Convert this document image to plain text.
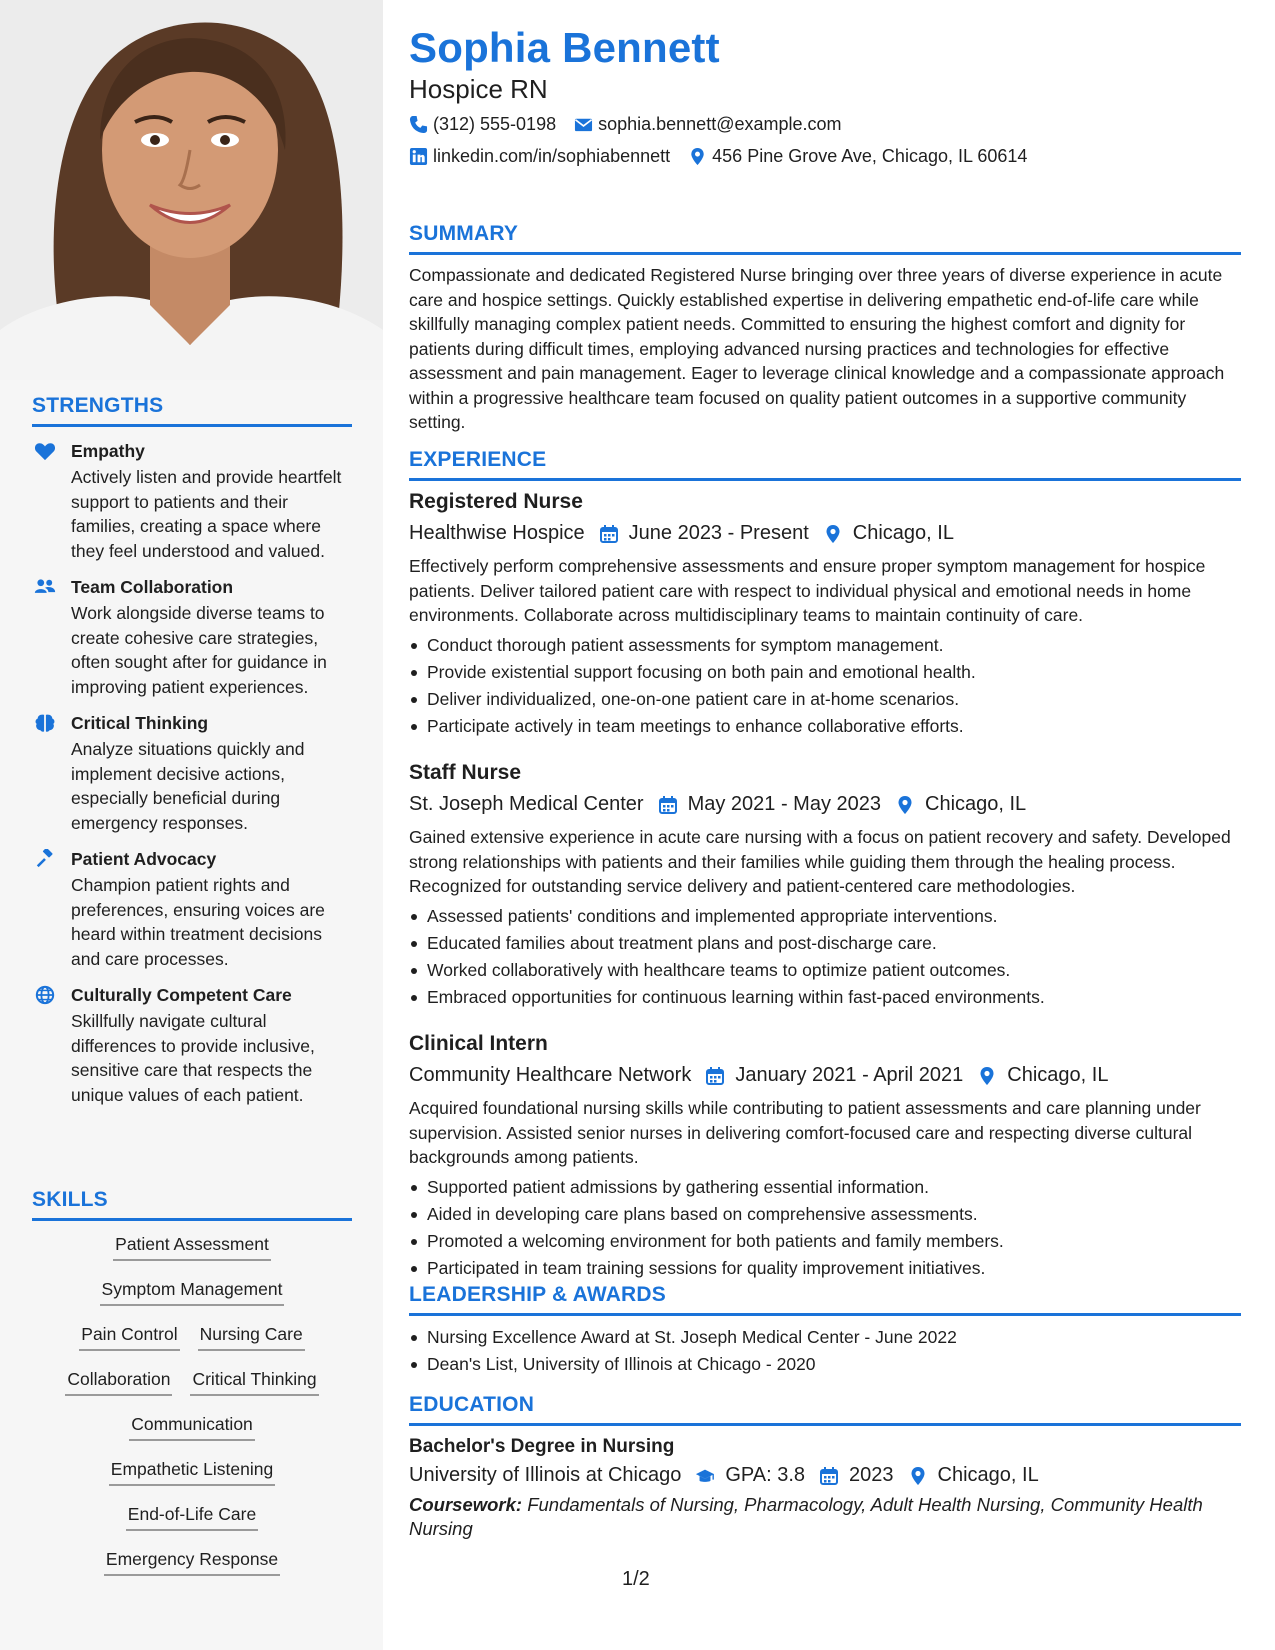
STRENGTHS
Empathy
Actively listen and provide heartfelt support to patients and their families, creating a space where they feel understood and valued.
Team Collaboration
Work alongside diverse teams to create cohesive care strategies, often sought after for guidance in improving patient experiences.
Critical Thinking
Analyze situations quickly and implement decisive actions, especially beneficial during emergency responses.
Patient Advocacy
Champion patient rights and preferences, ensuring voices are heard within treatment decisions and care processes.
Culturally Competent Care
Skillfully navigate cultural differences to provide inclusive, sensitive care that respects the unique values of each patient.
SKILLS
Patient Assessment
Symptom Management
Pain Control Nursing Care
Collaboration Critical Thinking
Communication
Empathetic Listening
End-of-Life Care
Emergency Response
Sophia Bennett
Hospice RN
(312) 555-0198 sophia.bennett@example.com
linkedin.com/in/sophiabennett 456 Pine Grove Ave, Chicago, IL 60614
SUMMARY
Compassionate and dedicated Registered Nurse bringing over three years of diverse experience in acute care and hospice settings. Quickly established expertise in delivering empathetic end-of-life care while skillfully managing complex patient needs. Committed to ensuring the highest comfort and dignity for patients during difficult times, employing advanced nursing practices and technologies for effective assessment and pain management. Eager to leverage clinical knowledge and a compassionate approach within a progressive healthcare team focused on quality patient outcomes in a supportive community setting.
EXPERIENCE
Registered Nurse
Healthwise Hospice June 2023 - Present Chicago, IL
Effectively perform comprehensive assessments and ensure proper symptom management for hospice patients. Deliver tailored patient care with respect to individual physical and emotional needs in home environments. Collaborate across multidisciplinary teams to maintain continuity of care.
Conduct thorough patient assessments for symptom management.
Provide existential support focusing on both pain and emotional health.
Deliver individualized, one-on-one patient care in at-home scenarios.
Participate actively in team meetings to enhance collaborative efforts.
Staff Nurse
St. Joseph Medical Center May 2021 - May 2023 Chicago, IL
Gained extensive experience in acute care nursing with a focus on patient recovery and safety. Developed strong relationships with patients and their families while guiding them through the healing process. Recognized for outstanding service delivery and patient-centered care methodologies.
Assessed patients' conditions and implemented appropriate interventions.
Educated families about treatment plans and post-discharge care.
Worked collaboratively with healthcare teams to optimize patient outcomes.
Embraced opportunities for continuous learning within fast-paced environments.
Clinical Intern
Community Healthcare Network January 2021 - April 2021 Chicago, IL
Acquired foundational nursing skills while contributing to patient assessments and care planning under supervision. Assisted senior nurses in delivering comfort-focused care and respecting diverse cultural backgrounds among patients.
Supported patient admissions by gathering essential information.
Aided in developing care plans based on comprehensive assessments.
Promoted a welcoming environment for both patients and family members.
Participated in team training sessions for quality improvement initiatives.
LEADERSHIP & AWARDS
Nursing Excellence Award at St. Joseph Medical Center - June 2022
Dean's List, University of Illinois at Chicago - 2020
EDUCATION
Bachelor's Degree in Nursing
University of Illinois at Chicago GPA: 3.8 2023 Chicago, IL
Coursework: Fundamentals of Nursing, Pharmacology, Adult Health Nursing, Community Health Nursing
1/2
